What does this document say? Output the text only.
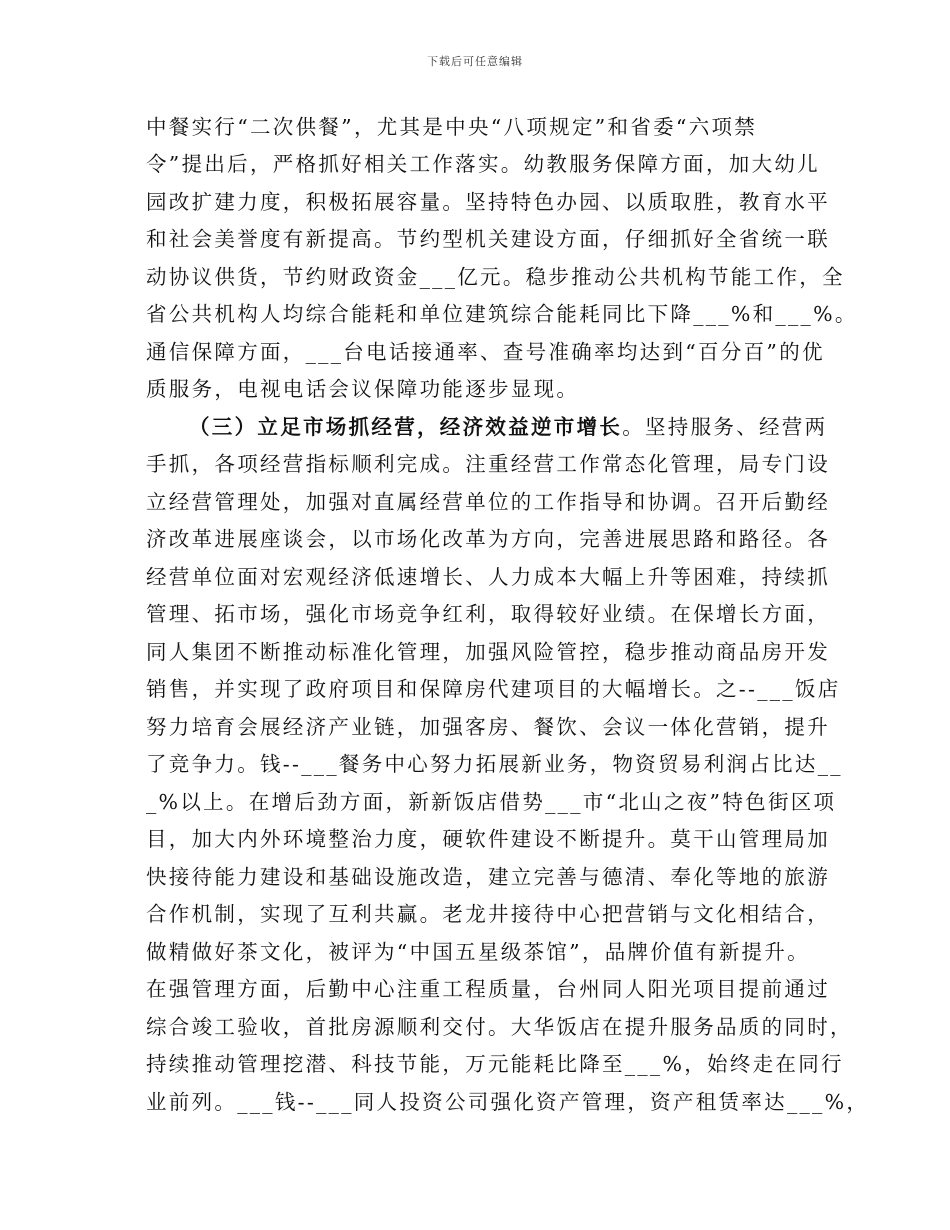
下载后可任意编辑
中餐实行“二次供餐”，尤其是中央“八项规定”和省委“六项禁
令”提出后，严格抓好相关工作落实。幼教服务保障方面，加大幼儿
园改扩建力度，积极拓展容量。坚持特色办园、以质取胜，教育水平
和社会美誉度有新提高。节约型机关建设方面，仔细抓好全省统一联
动协议供货，节约财政资金___亿元。稳步推动公共机构节能工作，全
省公共机构人均综合能耗和单位建筑综合能耗同比下降___%和___%。
通信保障方面，___台电话接通率、查号准确率均达到“百分百”的优
质服务，电视电话会议保障功能逐步显现。
（三）立足市场抓经营，经济效益逆市增长。坚持服务、经营两
手抓，各项经营指标顺利完成。注重经营工作常态化管理，局专门设
立经营管理处，加强对直属经营单位的工作指导和协调。召开后勤经
济改革进展座谈会，以市场化改革为方向，完善进展思路和路径。各
经营单位面对宏观经济低速增长、人力成本大幅上升等困难，持续抓
管理、拓市场，强化市场竞争红利，取得较好业绩。在保增长方面，
同人集团不断推动标准化管理，加强风险管控，稳步推动商品房开发
销售，并实现了政府项目和保障房代建项目的大幅增长。之--___饭店
努力培育会展经济产业链，加强客房、餐饮、会议一体化营销，提升
了竞争力。钱--___餐务中心努力拓展新业务，物资贸易利润占比达__
_%以上。在增后劲方面，新新饭店借势___市“北山之夜”特色街区项
目，加大内外环境整治力度，硬软件建设不断提升。莫干山管理局加
快接待能力建设和基础设施改造，建立完善与德清、奉化等地的旅游
合作机制，实现了互利共赢。老龙井接待中心把营销与文化相结合，
做精做好茶文化，被评为“中国五星级茶馆”，品牌价值有新提升。
在强管理方面，后勤中心注重工程质量，台州同人阳光项目提前通过
综合竣工验收，首批房源顺利交付。大华饭店在提升服务品质的同时，
持续推动管理挖潜、科技节能，万元能耗比降至___%，始终走在同行
业前列。___钱--___同人投资公司强化资产管理，资产租赁率达___%，
